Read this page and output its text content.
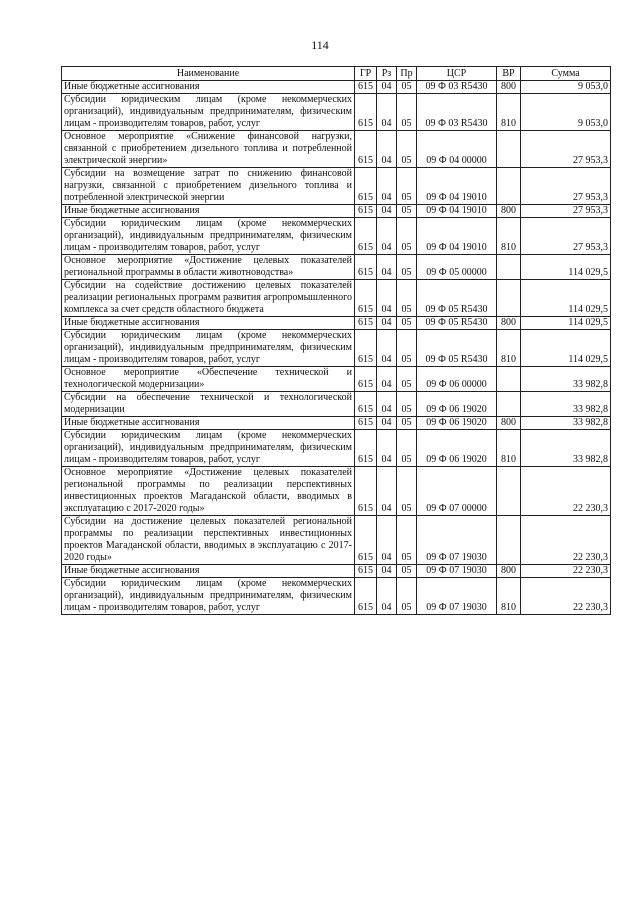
114
Наименование	ГР	Рз	Пр	ЦСР	ВР	Сумма
Иные бюджетные ассигнования	615	04	05	09 Ф 03 R5430	800	9 053,0
Субсидии юридическим лицам (кроме некоммерческих организаций), индивидуальным предпринимателям, физическим лицам - производителям товаров, работ, услуг	615	04	05	09 Ф 03 R5430	810	9 053,0
Основное мероприятие «Снижение финансовой нагрузки, связанной с приобретением дизельного топлива и потребленной электрической энергии»	615	04	05	09 Ф 04 00000		27 953,3
Субсидии на возмещение затрат по снижению финансовой нагрузки, связанной с приобретением дизельного топлива и потребленной электрической энергии	615	04	05	09 Ф 04 19010		27 953,3
Иные бюджетные ассигнования	615	04	05	09 Ф 04 19010	800	27 953,3
Субсидии юридическим лицам (кроме некоммерческих организаций), индивидуальным предпринимателям, физическим лицам - производителям товаров, работ, услуг	615	04	05	09 Ф 04 19010	810	27 953,3
Основное мероприятие «Достижение целевых показателей региональной программы в области животноводства»	615	04	05	09 Ф 05 00000		114 029,5
Субсидии на содействие достижению целевых показателей реализации региональных программ развития агропромышленного комплекса за счет средств областного бюджета	615	04	05	09 Ф 05 R5430		114 029,5
Иные бюджетные ассигнования	615	04	05	09 Ф 05 R5430	800	114 029,5
Субсидии юридическим лицам (кроме некоммерческих организаций), индивидуальным предпринимателям, физическим лицам - производителям товаров, работ, услуг	615	04	05	09 Ф 05 R5430	810	114 029,5
Основное мероприятие «Обеспечение технической и технологической модернизации»	615	04	05	09 Ф 06 00000		33 982,8
Субсидии на обеспечение технической и технологической модернизации	615	04	05	09 Ф 06 19020		33 982,8
Иные бюджетные ассигнования	615	04	05	09 Ф 06 19020	800	33 982,8
Субсидии юридическим лицам (кроме некоммерческих организаций), индивидуальным предпринимателям, физическим лицам - производителям товаров, работ, услуг	615	04	05	09 Ф 06 19020	810	33 982,8
Основное мероприятие «Достижение целевых показателей региональной программы по реализации перспективных инвестиционных проектов Магаданской области, вводимых в эксплуатацию с 2017-2020 годы»	615	04	05	09 Ф 07 00000		22 230,3
Субсидии на достижение целевых показателей региональной программы по реализации перспективных инвестиционных проектов Магаданской области, вводимых в эксплуатацию с 2017-2020 годы»	615	04	05	09 Ф 07 19030		22 230,3
Иные бюджетные ассигнования	615	04	05	09 Ф 07 19030	800	22 230,3
Субсидии юридическим лицам (кроме некоммерческих организаций), индивидуальным предпринимателям, физическим лицам - производителям товаров, работ, услуг	615	04	05	09 Ф 07 19030	810	22 230,3
